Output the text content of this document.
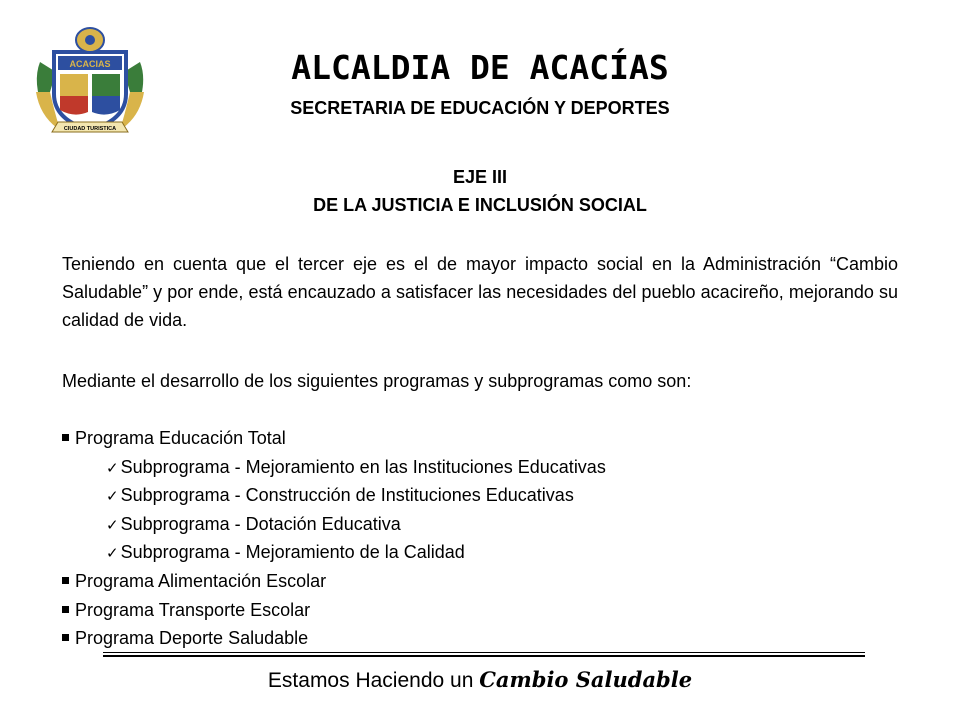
ACACIAS
CIUDAD TURISTICA
ALCALDIA DE ACACÍAS
SECRETARIA DE EDUCACIÓN Y DEPORTES
EJE III
DE LA JUSTICIA E INCLUSIÓN SOCIAL
Teniendo en cuenta que el tercer eje es el de mayor impacto social en la Administración “Cambio Saludable” y por ende, está encauzado a satisfacer las necesidades del pueblo acacireño, mejorando su calidad de vida.
Mediante el desarrollo de los siguientes programas y subprogramas como son:
Programa Educación Total
✓ Subprograma - Mejoramiento en las Instituciones Educativas
✓ Subprograma - Construcción de Instituciones Educativas
✓ Subprograma - Dotación Educativa
✓ Subprograma - Mejoramiento de la Calidad
Programa Alimentación Escolar
Programa Transporte Escolar
Programa Deporte Saludable
Estamos Haciendo un Cambio Saludable
